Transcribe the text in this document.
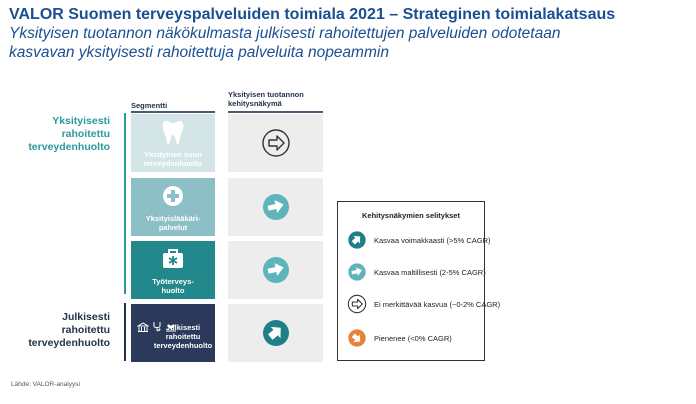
VALOR Suomen terveyspalveluiden toimiala 2021 – Strateginen toimialakatsaus
Yksityisen tuotannon näkökulmasta julkisesti rahoitettujen palveluiden odotetaan
kasvavan yksityisesti rahoitettuja palveluita nopeammin
Yksityisesti
rahoitettu
terveydenhuolto
Julkisesti
rahoitettu
terveydenhuolto
Segmentti
Yksityisen tuotannon
kehitysnäkymä
Yksityinen suun
terveydenhuolto
Yksityislääkäri-
palvelut
Työterveys-
huolto
Julkisesti
rahoitettu
terveydenhuolto
Kehitysnäkymien selitykset
Kasvaa voimakkaasti (>5% CAGR)
Kasvaa maltillisesti (2-5% CAGR)
Ei merkittävää kasvua (~0-2% CAGR)
Pienenee (<0% CAGR)
Lähde: VALOR-analyysi
